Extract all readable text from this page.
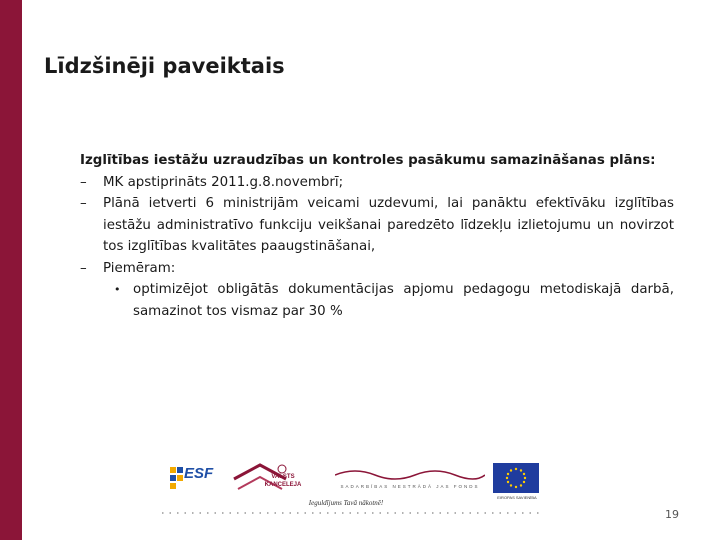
Līdzšinēji paveiktais
Izglītības iestāžu uzraudzības un kontroles pasākumu samazināšanas plāns:
– MK apstiprināts 2011.g.8.novembrī;
– Plānā ietverti 6 ministrijām veicami uzdevumi, lai panāktu efektīvāku izglītības iestāžu administratīvo funkciju veikšanai paredzēto līdzekļu izlietojumu un novirzot tos izglītības kvalitātes paaugstināšanai,
– Piemēram:
• optimizējot obligātās dokumentācijas apjomu pedagogu metodiskajā darbā, samazinot tos vismaz par 30 %
ESF	VALSTS KANCELEJA	SADARBĪBAS NESTRĀDĀ JAS FONDS
EIROPAS SAVIENĪBA
Ieguldījums Tavā nākotnē!
19
